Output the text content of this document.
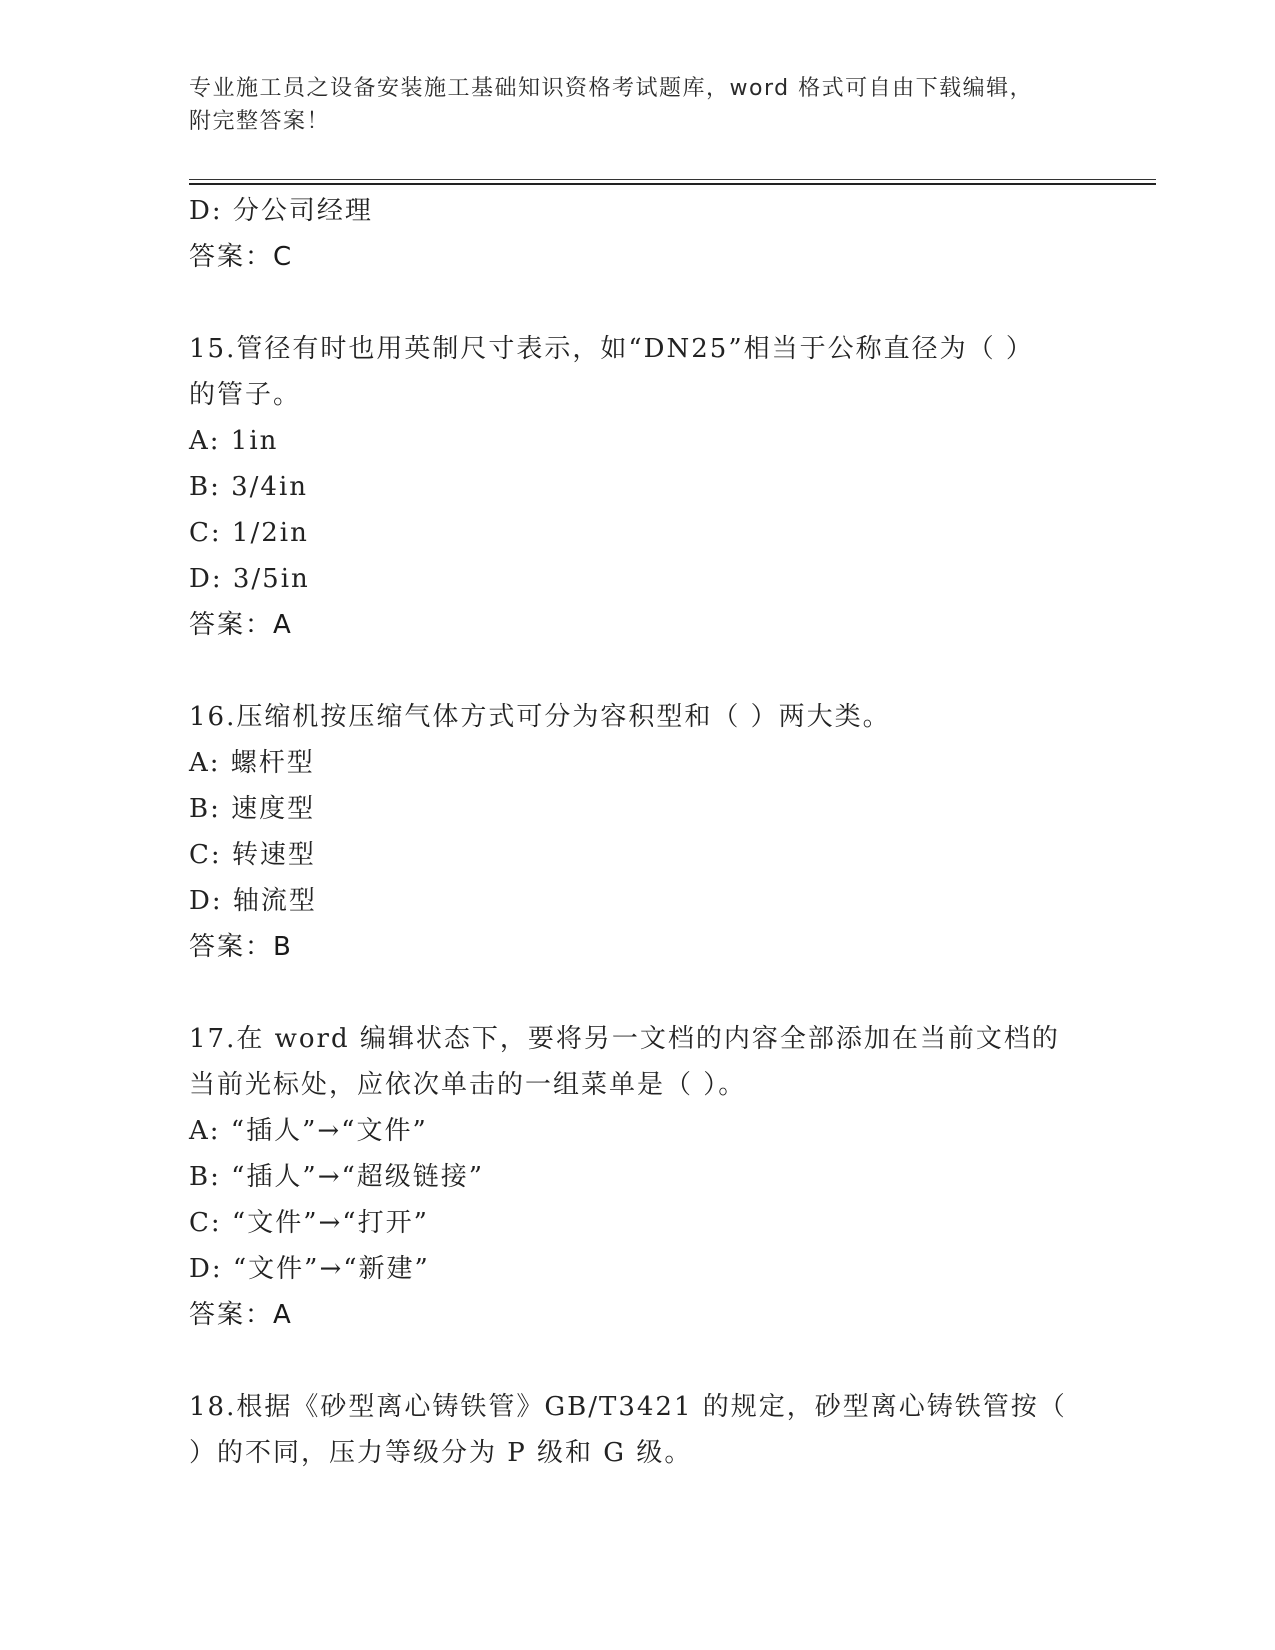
专业施工员之设备安装施工基础知识资格考试题库，word 格式可自由下载编辑，
附完整答案！
D: 分公司经理
答案：C
15.管径有时也用英制尺寸表示，如“DN25”相当于公称直径为（ ）
的管子。
A: 1in
B: 3/4in
C: 1/2in
D: 3/5in
答案：A
16.压缩机按压缩气体方式可分为容积型和（ ）两大类。
A: 螺杆型
B: 速度型
C: 转速型
D: 轴流型
答案：B
17.在 word 编辑状态下，要将另一文档的内容全部添加在当前文档的
当前光标处，应依次单击的一组菜单是（ ）。
A: “插人”→“文件”
B: “插人”→“超级链接”
C: “文件”→“打开”
D: “文件”→“新建”
答案：A
18.根据《砂型离心铸铁管》GB/T3421 的规定，砂型离心铸铁管按（
）的不同，压力等级分为 P 级和 G 级。
